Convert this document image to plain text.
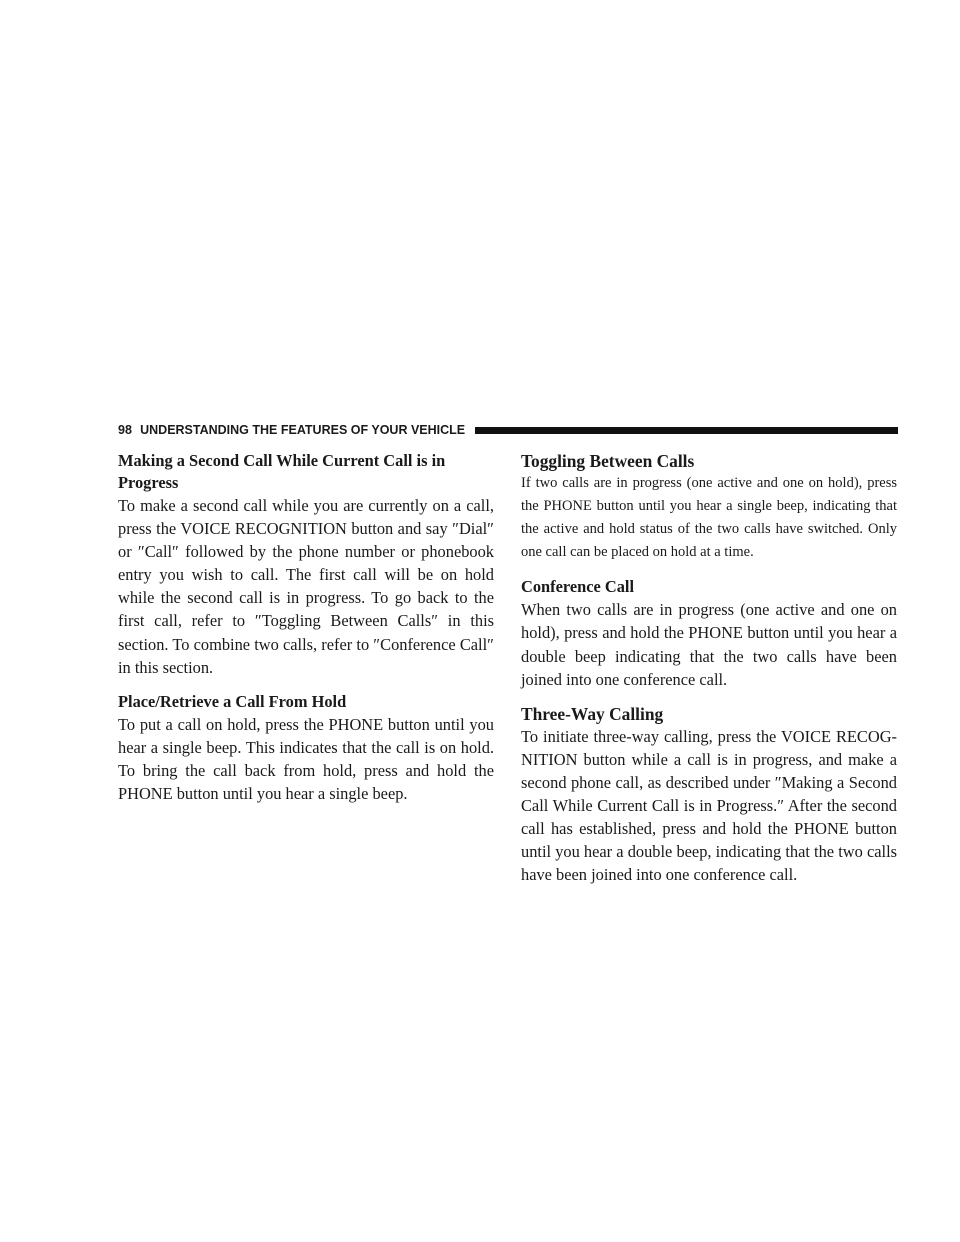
98 UNDERSTANDING THE FEATURES OF YOUR VEHICLE

Making a Second Call While Current Call is in Progress

To make a second call while you are currently on a call, press the VOICE RECOGNITION button and say ″Dial″ or ″Call″ followed by the phone number or phonebook entry you wish to call. The first call will be on hold while the second call is in progress. To go back to the first call, refer to ″Toggling Between Calls″ in this section. To combine two calls, refer to ″Conference Call″ in this section.

Place/Retrieve a Call From Hold

To put a call on hold, press the PHONE button until you hear a single beep. This indicates that the call is on hold. To bring the call back from hold, press and hold the PHONE button until you hear a single beep.

Toggling Between Calls

If two calls are in progress (one active and one on hold), press the PHONE button until you hear a single beep, indicating that the active and hold status of the two calls have switched. Only one call can be placed on hold at a time.

Conference Call

When two calls are in progress (one active and one on hold), press and hold the PHONE button until you hear a double beep indicating that the two calls have been joined into one conference call.

Three-Way Calling

To initiate three-way calling, press the VOICE RECOG-NITION button while a call is in progress, and make a second phone call, as described under ″Making a Second Call While Current Call is in Progress.″ After the second call has established, press and hold the PHONE button until you hear a double beep, indicating that the two calls have been joined into one conference call.
